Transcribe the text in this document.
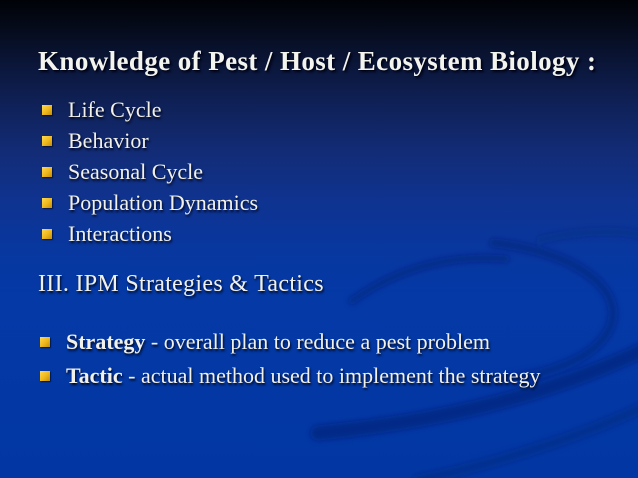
Knowledge of Pest / Host / Ecosystem Biology :
Life Cycle
Behavior
Seasonal Cycle
Population Dynamics
Interactions
III. IPM Strategies & Tactics
Strategy - overall plan to reduce a pest problem
Tactic - actual method used to implement the strategy
